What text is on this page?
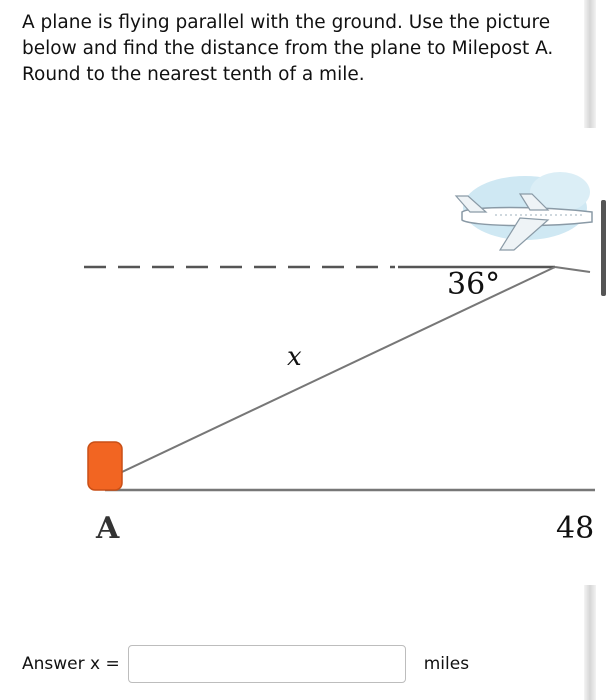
A plane is flying parallel with the ground. Use the picture
below and find the distance from the plane to Milepost A.
Round to the nearest tenth of a mile.
36°
x
A	48
Answer x =	miles
